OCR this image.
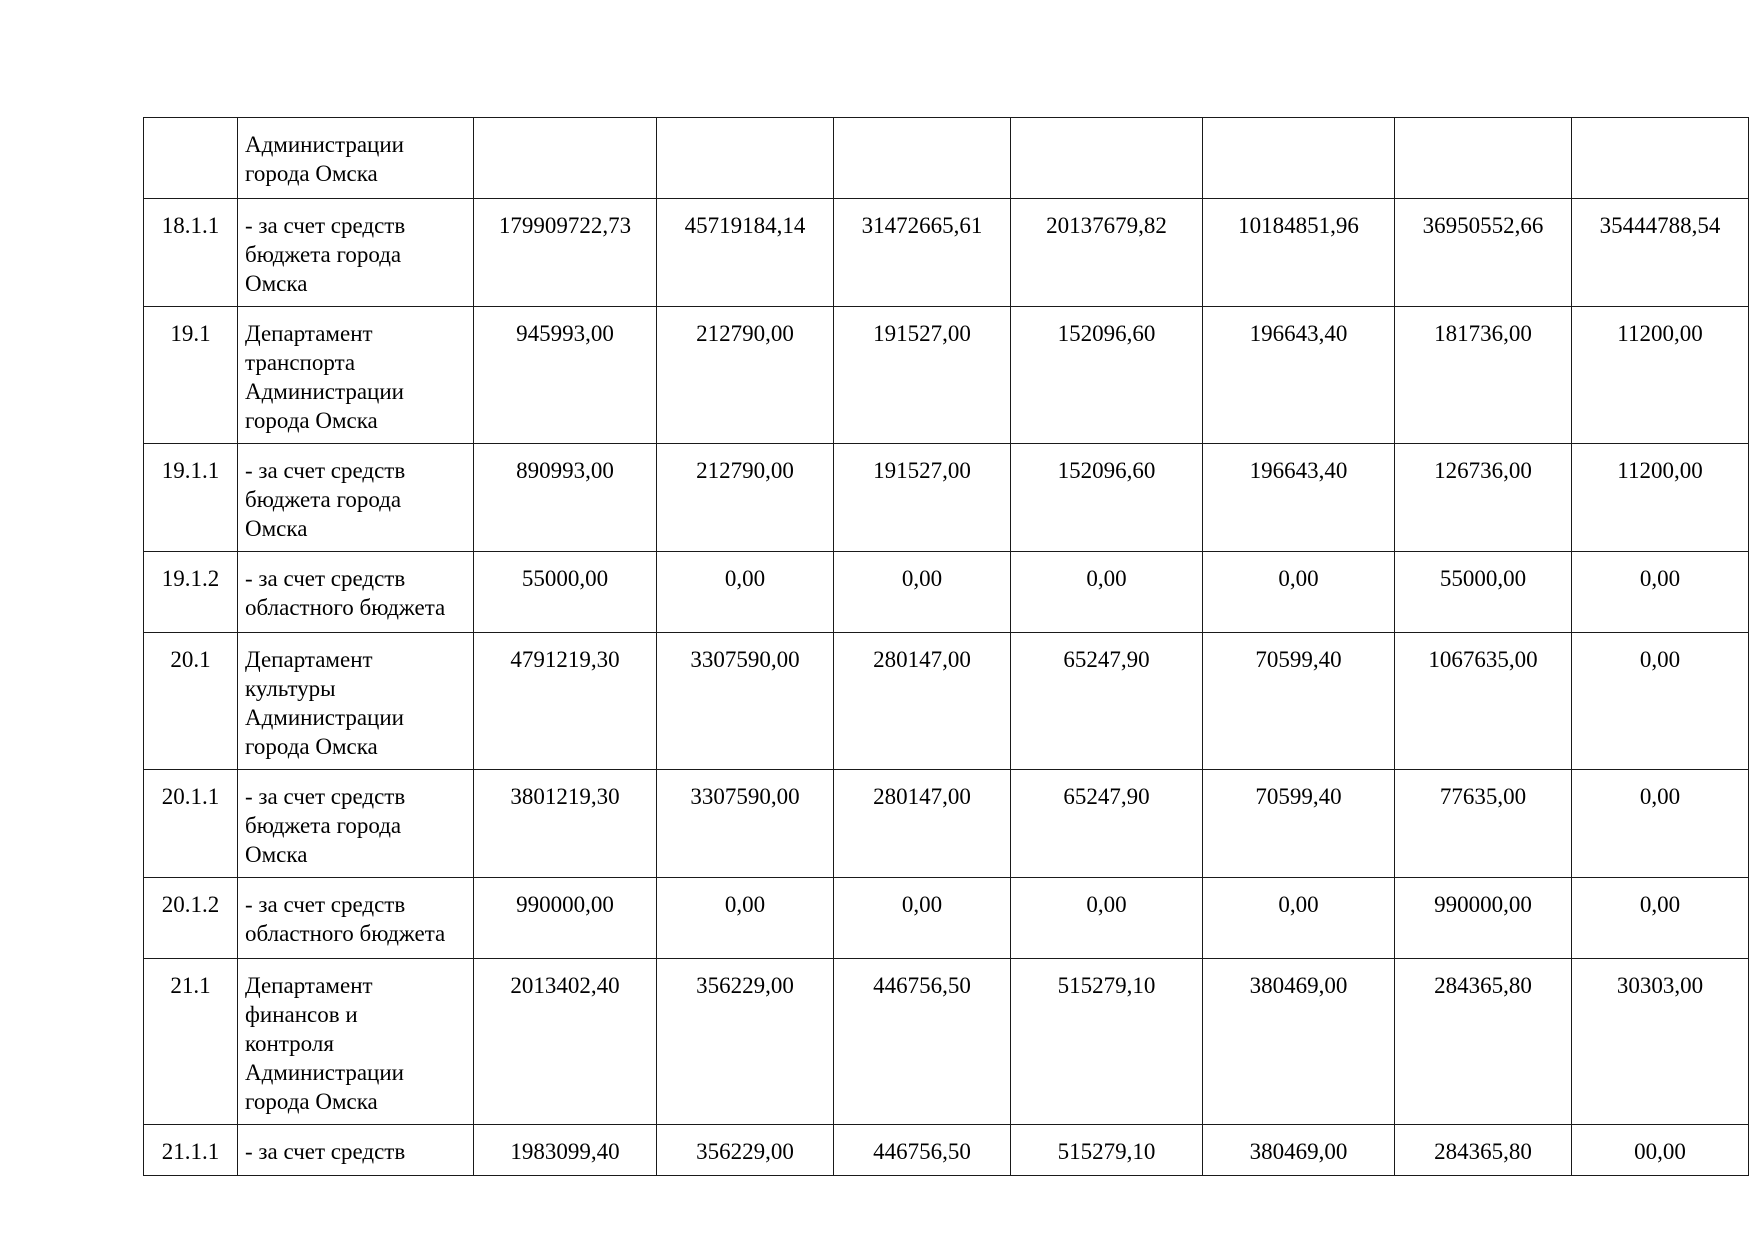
	Администрации
города Омска							

18.1.1	- за счет средств
бюджета города
Омска	179909722,73	45719184,14	31472665,61	20137679,82	10184851,96	36950552,66	35444788,54
19.1	Департамент
транспорта
Администрации
города Омска	945993,00	212790,00	191527,00	152096,60	196643,40	181736,00	11200,00
19.1.1	- за счет средств
бюджета города
Омска	890993,00	212790,00	191527,00	152096,60	196643,40	126736,00	11200,00
19.1.2	- за счет средств
областного бюджета	55000,00	0,00	0,00	0,00	0,00	55000,00	0,00
20.1	Департамент
культуры
Администрации
города Омска	4791219,30	3307590,00	280147,00	65247,90	70599,40	1067635,00	0,00
20.1.1	- за счет средств
бюджета города
Омска	3801219,30	3307590,00	280147,00	65247,90	70599,40	77635,00	0,00
20.1.2	- за счет средств
областного бюджета	990000,00	0,00	0,00	0,00	0,00	990000,00	0,00
21.1	Департамент
финансов и
контроля
Администрации
города Омска	2013402,40	356229,00	446756,50	515279,10	380469,00	284365,80	30303,00
21.1.1	- за счет средств	1983099,40	356229,00	446756,50	515279,10	380469,00	284365,80	00,00
